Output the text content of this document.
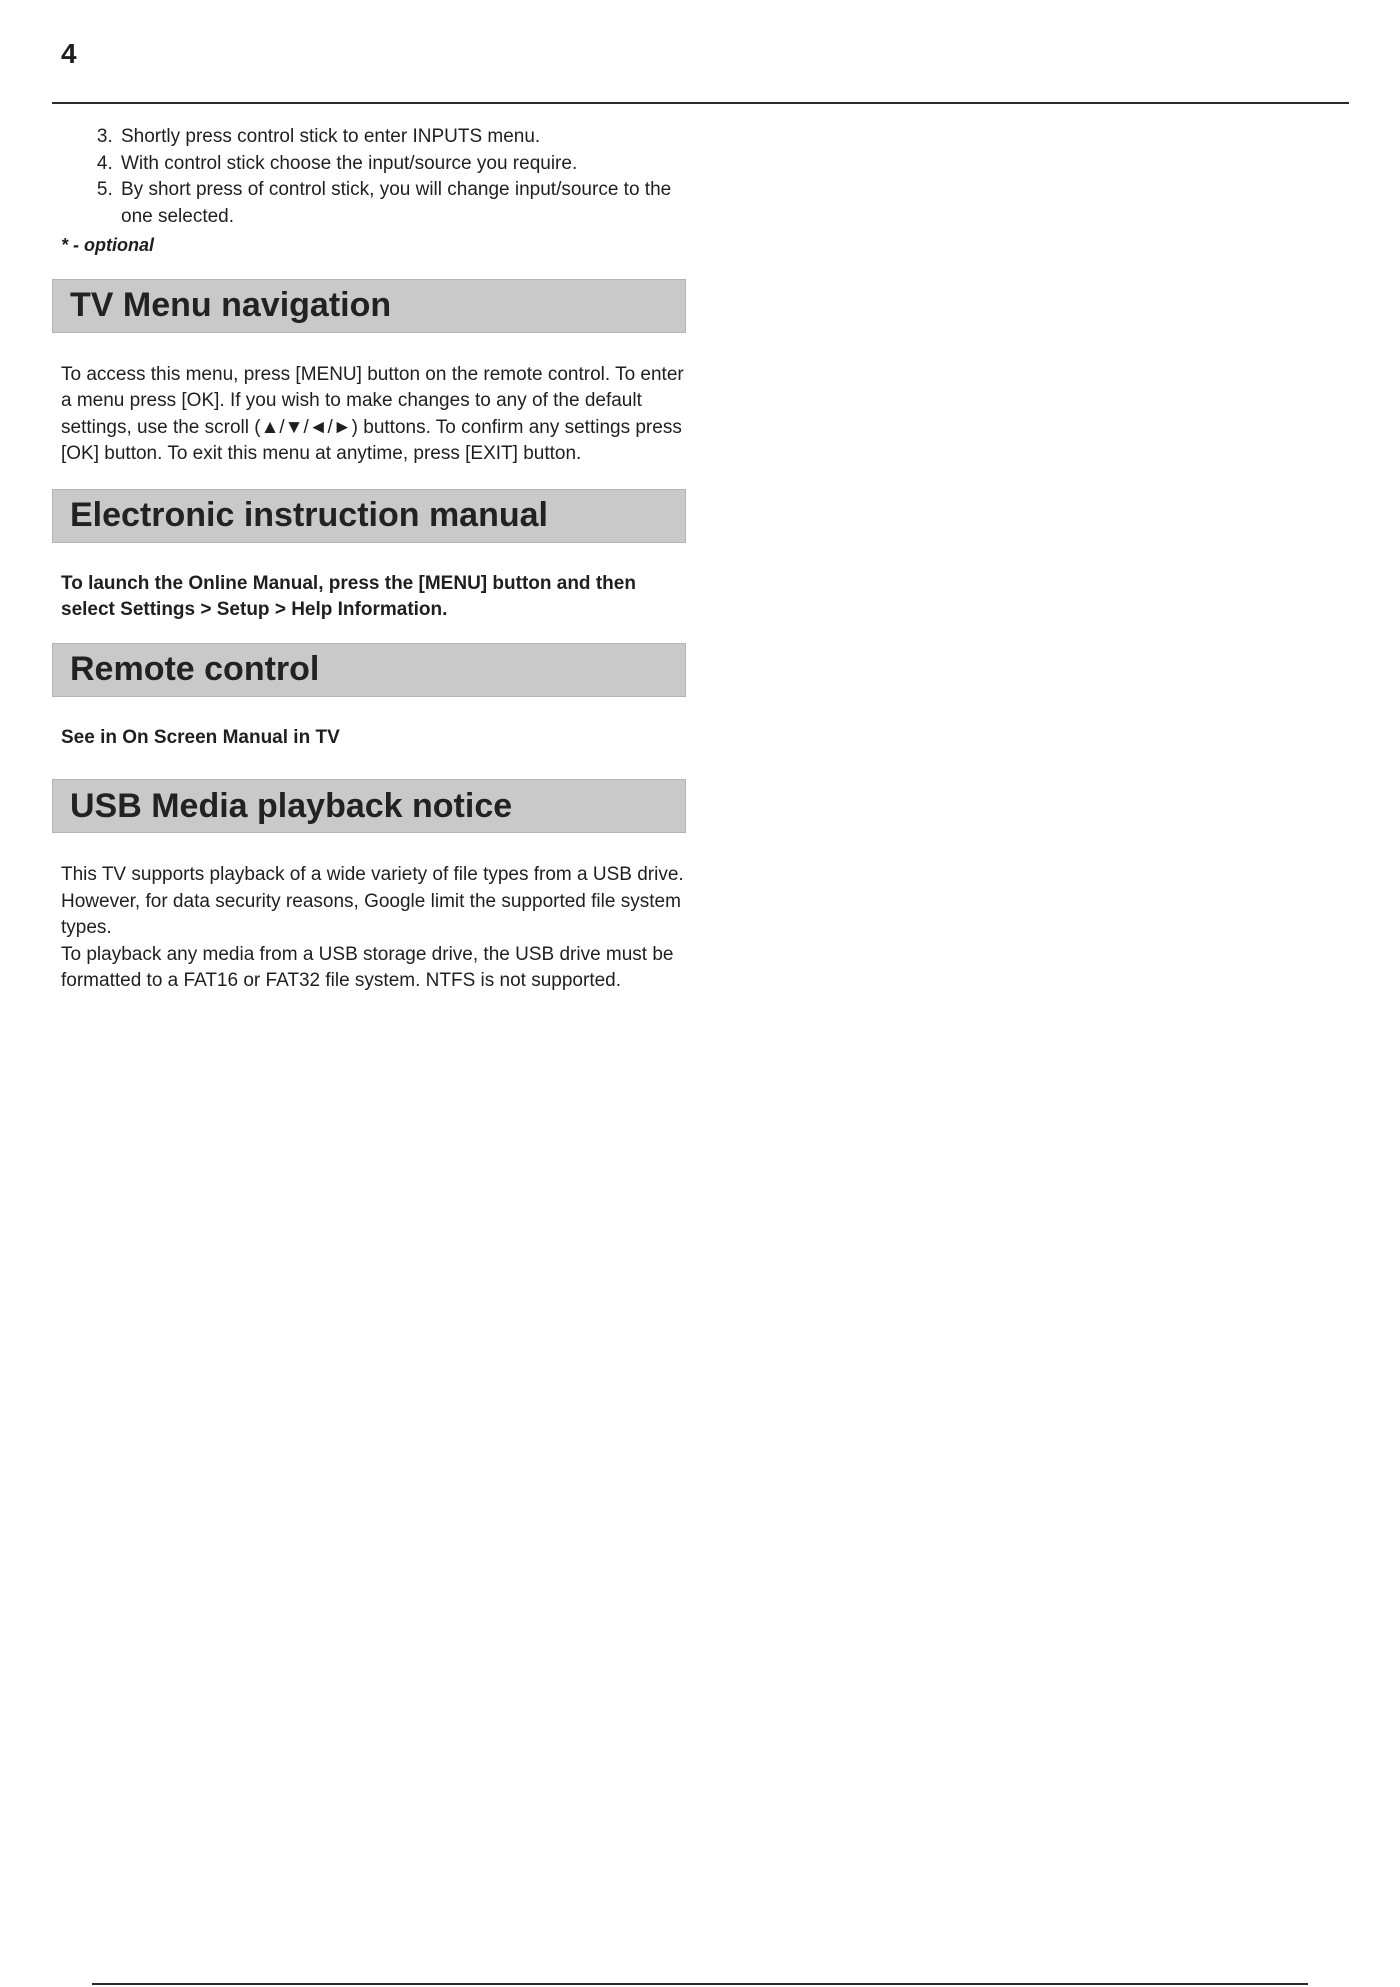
4
3. Shortly press control stick to enter INPUTS menu.
4. With control stick choose the input/source you require.
5. By short press of control stick, you will change input/source to the one selected.
* - optional
TV Menu navigation

To access this menu, press [MENU] button on the remote control. To enter a menu press [OK]. If you wish to make changes to any of the default settings, use the scroll (▲/▼/◄/►) buttons. To confirm any settings press [OK] button. To exit this menu at anytime, press [EXIT] button.

Electronic instruction manual

To launch the Online Manual, press the [MENU] button and then select Settings > Setup > Help Information.

Remote control

See in On Screen Manual in TV

USB Media playback notice

This TV supports playback of a wide variety of file types from a USB drive. However, for data security reasons, Google limit the supported file system types.
To playback any media from a USB storage drive, the USB drive must be formatted to a FAT16 or FAT32 file system. NTFS is not supported.
